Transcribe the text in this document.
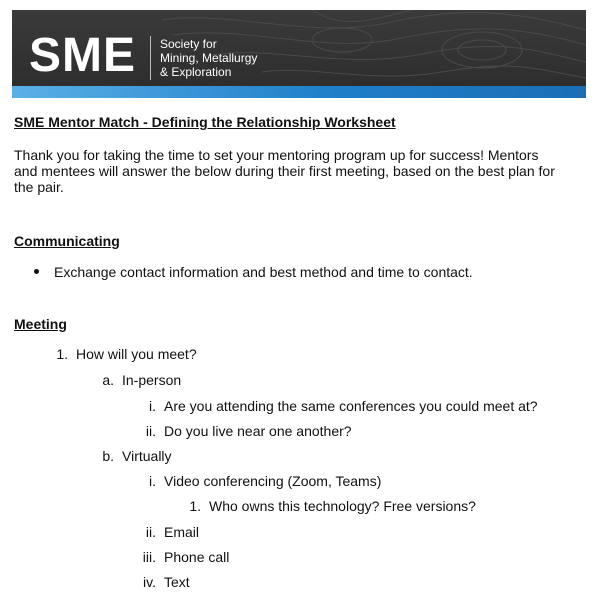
SME Society for
Mining, Metallurgy
& Exploration
SME Mentor Match - Defining the Relationship Worksheet
Thank you for taking the time to set your mentoring program up for success! Mentors
and mentees will answer the below during their first meeting, based on the best plan for
the pair.
Communicating
Exchange contact information and best method and time to contact.
Meeting
1. How will you meet?
a. In-person
i. Are you attending the same conferences you could meet at?
ii. Do you live near one another?
b. Virtually
i. Video conferencing (Zoom, Teams)
1. Who owns this technology? Free versions?
ii. Email
iii. Phone call
iv. Text
